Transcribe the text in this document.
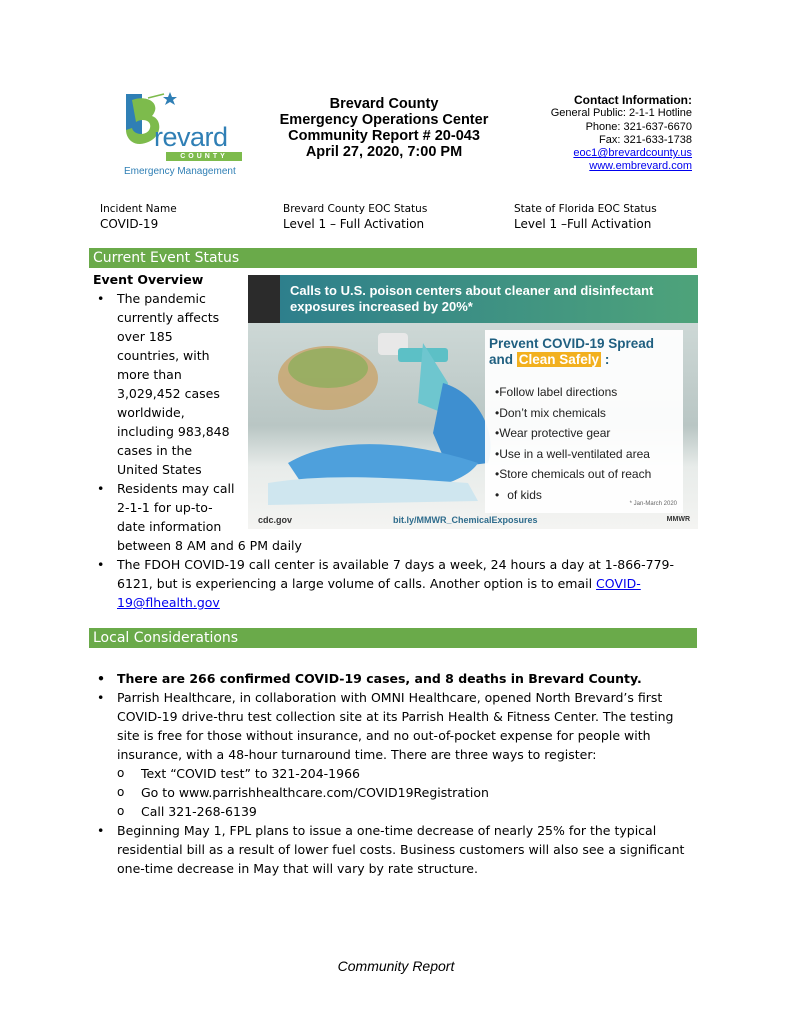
revard
COUNTY
Emergency Management
Brevard County
Emergency Operations Center
Community Report # 20-043
April 27, 2020, 7:00 PM
Contact Information:
General Public: 2-1-1 Hotline
Phone: 321-637-6670
Fax: 321-633-1738
eoc1@brevardcounty.us
www.embrevard.com
Incident Name
COVID-19
Brevard County EOC Status
Level 1 – Full Activation
State of Florida EOC Status
Level 1 –Full Activation
Current Event Status
Event Overview
• The pandemic
currently affects
over 185
countries, with
more than
3,029,452 cases
worldwide,
including 983,848
cases in the
United States
• Residents may call
2-1-1 for up-to-
date information
between 8 AM and 6 PM daily
• The FDOH COVID-19 call center is available 7 days a week, 24 hours a day at 1-866-779-6121, but is experiencing a large volume of calls. Another option is to email COVID-19@flhealth.gov
Calls to U.S. poison centers about cleaner and disinfectant exposures increased by 20%*
Prevent COVID-19 Spread
and Clean Safely :
• Follow label directions
• Don’t mix chemicals
• Wear protective gear
• Use in a well-ventilated area
• Store chemicals out of reach
• of kids
* Jan-March 2020
cdc.gov	bit.ly/MMWR_ChemicalExposures	MMWR
Local Considerations
• There are 266 confirmed COVID-19 cases, and 8 deaths in Brevard County.
• Parrish Healthcare, in collaboration with OMNI Healthcare, opened North Brevard’s first COVID-19 drive-thru test collection site at its Parrish Health & Fitness Center. The testing site is free for those without insurance, and no out-of-pocket expense for people with insurance, with a 48-hour turnaround time. There are three ways to register:
o Text “COVID test” to 321-204-1966
o Go to www.parrishhealthcare.com/COVID19Registration
o Call 321-268-6139
• Beginning May 1, FPL plans to issue a one-time decrease of nearly 25% for the typical residential bill as a result of lower fuel costs. Business customers will also see a significant one-time decrease in May that will vary by rate structure.
Community Report
